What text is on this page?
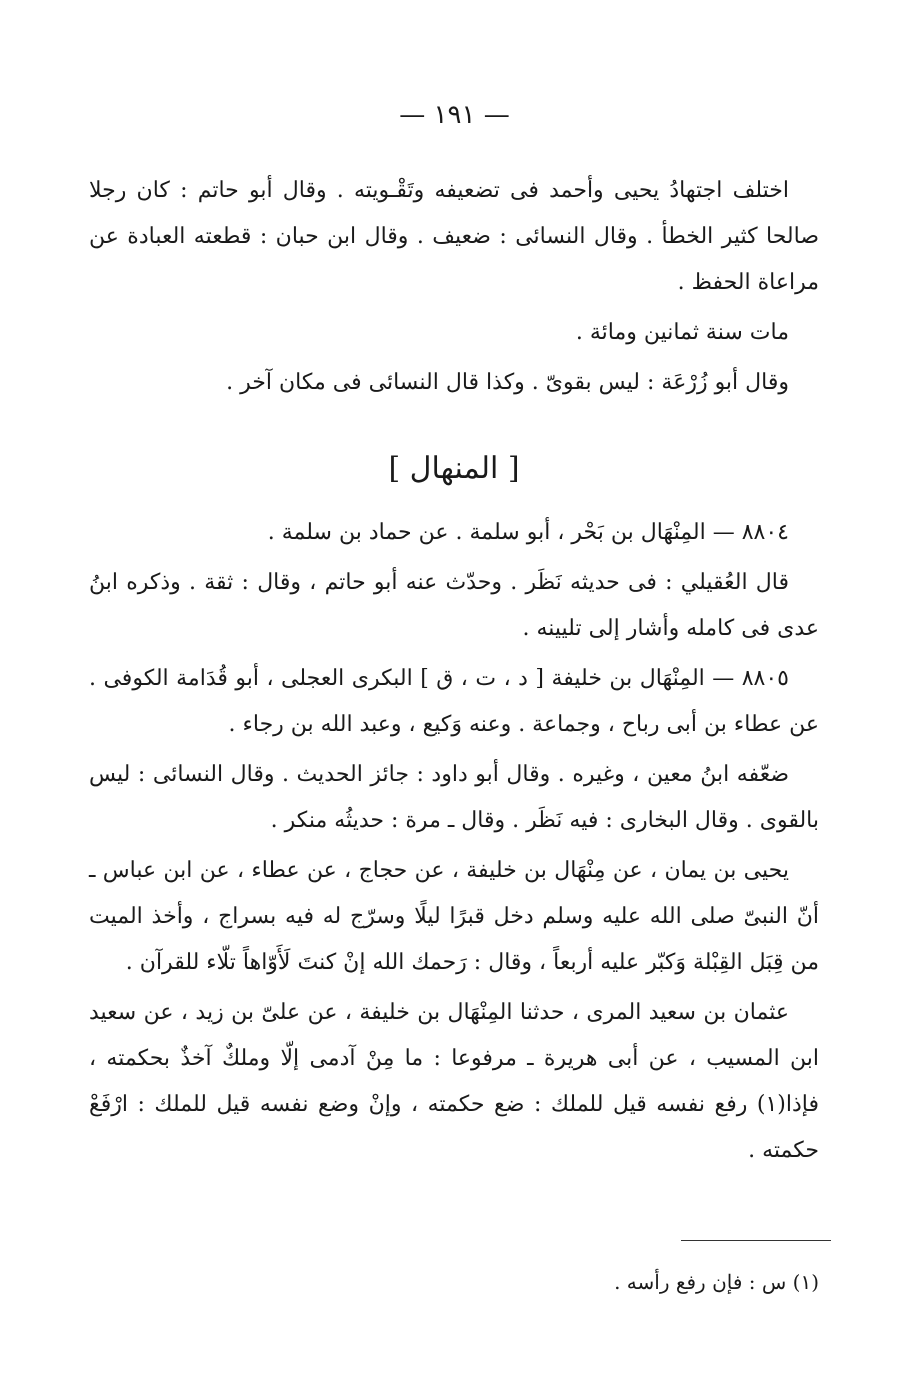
— ١٩١ —

اختلف اجتهادُ يحيى وأحمد فى تضعيفه وتَقْـويته . وقال أبو حاتم : كان رجلا صالحا كثير الخطأ . وقال النسائى : ضعيف . وقال ابن حبان : قطعته العبادة عن مراعاة الحفظ .

مات سنة ثمانين ومائة .

وقال أبو زُرْعَة : ليس بقوىّ . وكذا قال النسائى فى مكان آخر .

[ المنهال ]

٨٨٠٤ — المِنْهَال بن بَحْر ، أبو سلمة . عن حماد بن سلمة .

قال العُقيلي : فى حديثه نَظَر . وحدّث عنه أبو حاتم ، وقال : ثقة . وذكره ابنُ عدى فى كامله وأشار إلى تليينه .

٨٨٠٥ — المِنْهَال بن خليفة [ د ، ت ، ق ] البكرى العجلى ، أبو قُدَامة الكوفى . عن عطاء بن أبى رباح ، وجماعة . وعنه وَكيع ، وعبد الله بن رجاء .

ضعّفه ابنُ معين ، وغيره . وقال أبو داود : جائز الحديث . وقال النسائى : ليس بالقوى . وقال البخارى : فيه نَظَر . وقال ـ مرة : حديثُه منكر .

يحيى بن يمان ، عن مِنْهَال بن خليفة ، عن حجاج ، عن عطاء ، عن ابن عباس ـ أنّ النبىّ صلى الله عليه وسلم دخل قبرًا ليلًا وسرّج له فيه بسراج ، وأخذ الميت من قِبَل القِبْلة وَكبّر عليه أربعاً ، وقال : رَحمك الله إنْ كنتَ لَأَوّاهاً تلّاء للقرآن .

عثمان بن سعيد المرى ، حدثنا المِنْهَال بن خليفة ، عن علىّ بن زيد ، عن سعيد ابن المسيب ، عن أبى هريرة ـ مرفوعا : ما مِنْ آدمى إلّا وملكٌ آخذٌ بحكمته ، فإذا(١) رفع نفسه قيل للملك : ضع حكمته ، وإنْ وضع نفسه قيل للملك : ارْفَعْ حكمته .

(١) س : فإن رفع رأسه .
